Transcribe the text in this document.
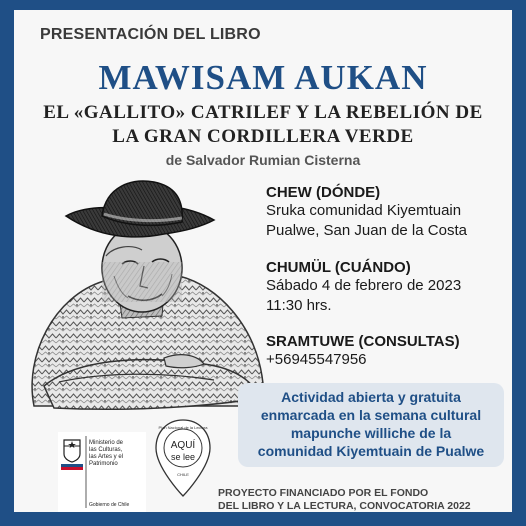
PRESENTACIÓN DEL LIBRO
MAWISAM AUKAN
EL «GALLITO» CATRILEF Y LA REBELIÓN DE
LA GRAN CORDILLERA VERDE
de Salvador Rumian Cisterna
CHEW (DÓNDE)
Sruka comunidad Kiyemtuain
Pualwe, San Juan de la Costa
CHUMÜL (CUÁNDO)
Sábado 4 de febrero de 2023
11:30 hrs.
SRAMTUWE (CONSULTAS)
+56945547956
Actividad abierta y gratuita
enmarcada en la semana cultural
mapunche williche de la
comunidad Kiyemtuain de Pualwe
Ministerio de
las Culturas,
las Artes y el
Patrimonio
Gobierno de Chile
Plan Nacional de la Lectura
AQUÍ
se lee
CHILE
PROYECTO FINANCIADO POR EL FONDO
DEL LIBRO Y LA LECTURA, CONVOCATORIA 2022
